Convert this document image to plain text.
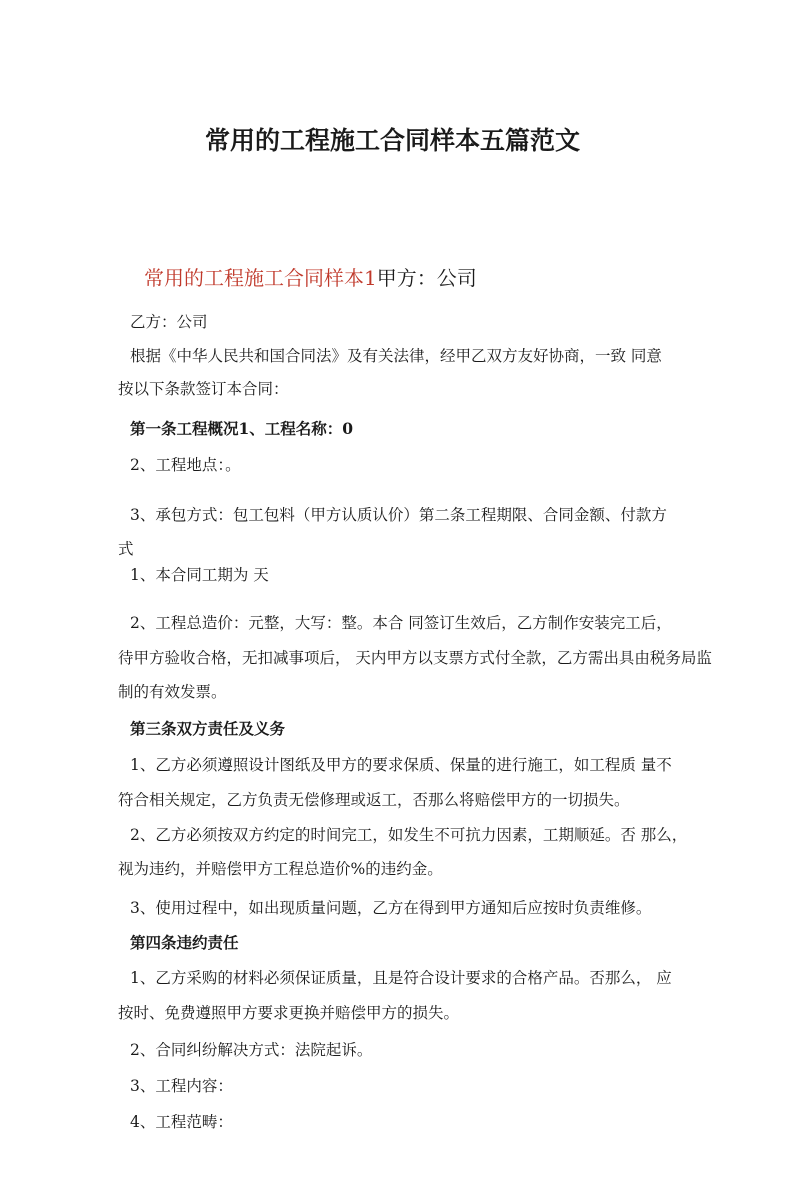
常用的工程施工合同样本五篇范文
常用的工程施工合同样本1甲方：公司

乙方：公司

根据《中华人民共和国合同法》及有关法律，经甲乙双方友好协商，一致 同意

按以下条款签订本合同：

第一条工程概况1、工程名称：0

2、工程地点：。

3、承包方式：包工包料（甲方认质认价）第二条工程期限、合同金额、付款方

式

1、本合同工期为 天

2、工程总造价：元整，大写：整。本合 同签订生效后，乙方制作安装完工后，

待甲方验收合格，无扣减事项后， 天内甲方以支票方式付全款，乙方需出具由税务局监

制的有效发票。

第三条双方责任及义务

1、乙方必须遵照设计图纸及甲方的要求保质、保量的进行施工，如工程质 量不

符合相关规定，乙方负责无偿修理或返工，否那么将赔偿甲方的一切损失。

2、乙方必须按双方约定的时间完工，如发生不可抗力因素，工期顺延。否 那么，

视为违约，并赔偿甲方工程总造价%的违约金。

3、使用过程中，如出现质量问题，乙方在得到甲方通知后应按时负责维修。

第四条违约责任

1、乙方采购的材料必须保证质量，且是符合设计要求的合格产品。否那么， 应

按时、免费遵照甲方要求更换并赔偿甲方的损失。

2、合同纠纷解决方式：法院起诉。

3、工程内容：

4、工程范畴：
